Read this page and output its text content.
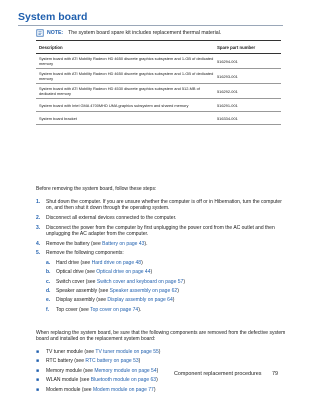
System board
NOTE: The system board spare kit includes replacement thermal material.
Description	Spare part number
System board with ATI Mobility Radeon HD 4650 discrete graphics subsystem and 1-GB of dedicated memory	516294-001
System board with ATI Mobility Radeon HD 4650 discrete graphics subsystem and 1-GB of dedicated memory	516293-001
System board with ATI Mobility Radeon HD 4530 discrete graphics subsystem and 512-MB of dedicated memory	516292-001
System board with Intel GMA 4700MHD UMA graphics subsystem and shared memory	516291-001
System board bracket	516334-001
Before removing the system board, follow these steps:
1.	Shut down the computer. If you are unsure whether the computer is off or in Hibernation, turn the computer on, and then shut it down through the operating system.
2.	Disconnect all external devices connected to the computer.
3.	Disconnect the power from the computer by first unplugging the power cord from the AC outlet and then unplugging the AC adapter from the computer.
4.	Remove the battery (see Battery on page 43).
5.	Remove the following components:
a.	Hard drive (see Hard drive on page 48)
b.	Optical drive (see Optical drive on page 44)
c.	Switch cover (see Switch cover and keyboard on page 57)
d.	Speaker assembly (see Speaker assembly on page 62)
e.	Display assembly (see Display assembly on page 64)
f.	Top cover (see Top cover on page 74).
When replacing the system board, be sure that the following components are removed from the defective system board and installed on the replacement system board:
■	TV tuner module (see TV tuner module on page 55)
■	RTC battery (see RTC battery on page 53)
■	Memory module (see Memory module on page 54)
■	WLAN module (see Bluetooth module on page 63)
■	Modem module (see Modem module on page 77)
Component replacement procedures 79
